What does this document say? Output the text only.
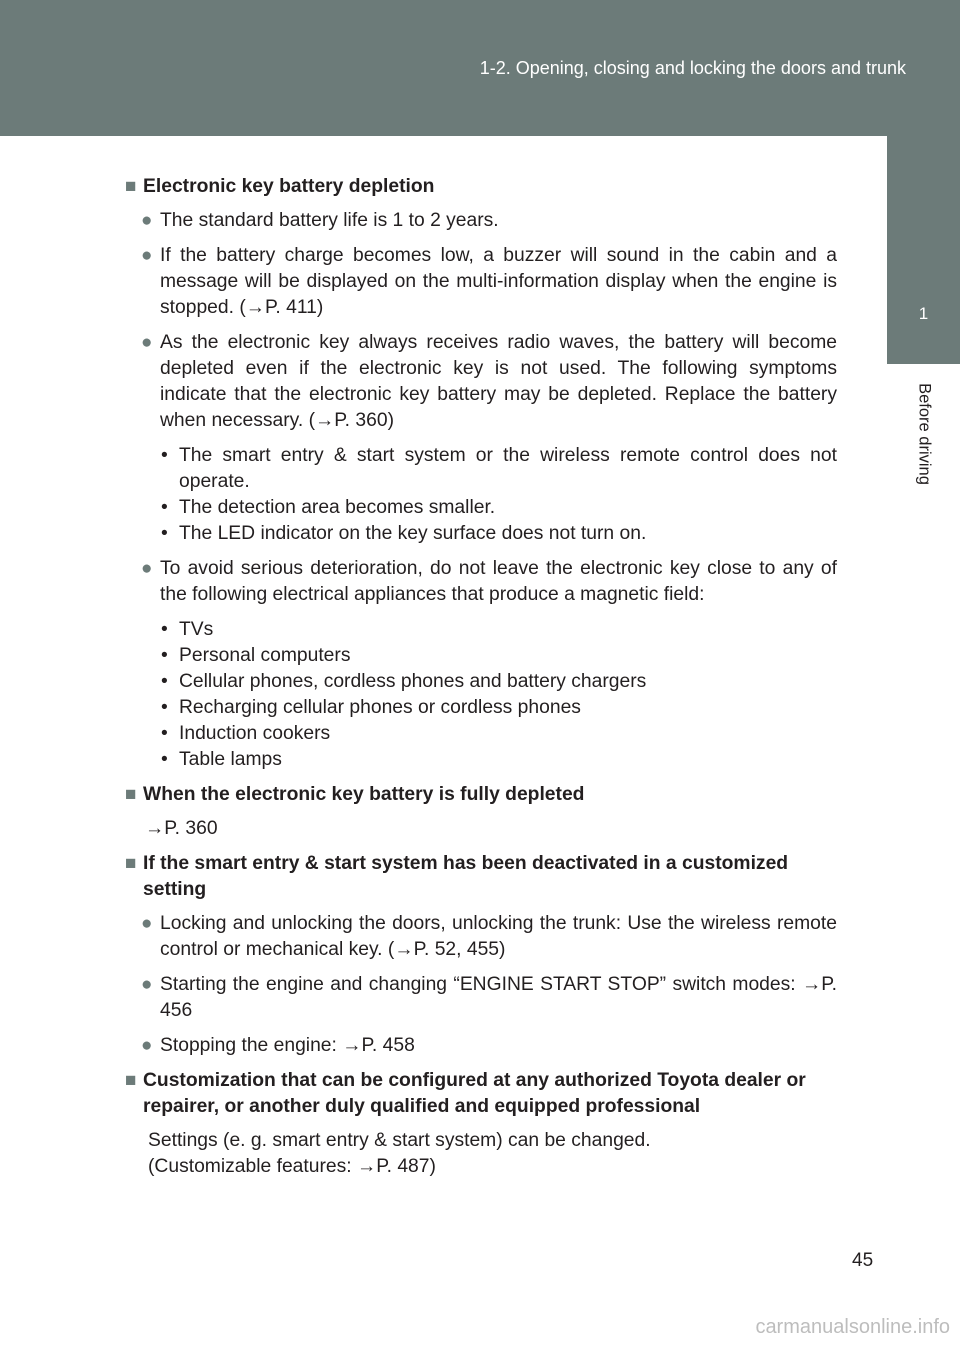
1-2. Opening, closing and locking the doors and trunk
1
Before driving
■ Electronic key battery depletion
● The standard battery life is 1 to 2 years.
● If the battery charge becomes low, a buzzer will sound in the cabin and a message will be displayed on the multi-information display when the engine is stopped. (→P. 411)
● As the electronic key always receives radio waves, the battery will become depleted even if the electronic key is not used. The following symptoms indicate that the electronic key battery may be depleted. Replace the battery when necessary. (→P. 360)
• The smart entry & start system or the wireless remote control does not operate.
• The detection area becomes smaller.
• The LED indicator on the key surface does not turn on.
● To avoid serious deterioration, do not leave the electronic key close to any of the following electrical appliances that produce a magnetic field:
• TVs
• Personal computers
• Cellular phones, cordless phones and battery chargers
• Recharging cellular phones or cordless phones
• Induction cookers
• Table lamps
■ When the electronic key battery is fully depleted
→P. 360
■ If the smart entry & start system has been deactivated in a customized setting
● Locking and unlocking the doors, unlocking the trunk: Use the wireless remote control or mechanical key. (→P. 52, 455)
● Starting the engine and changing “ENGINE START STOP” switch modes: →P. 456
● Stopping the engine: →P. 458
■ Customization that can be configured at any authorized Toyota dealer or repairer, or another duly qualified and equipped professional
Settings (e. g. smart entry & start system) can be changed.
(Customizable features: →P. 487)
45
carmanualsonline.info
